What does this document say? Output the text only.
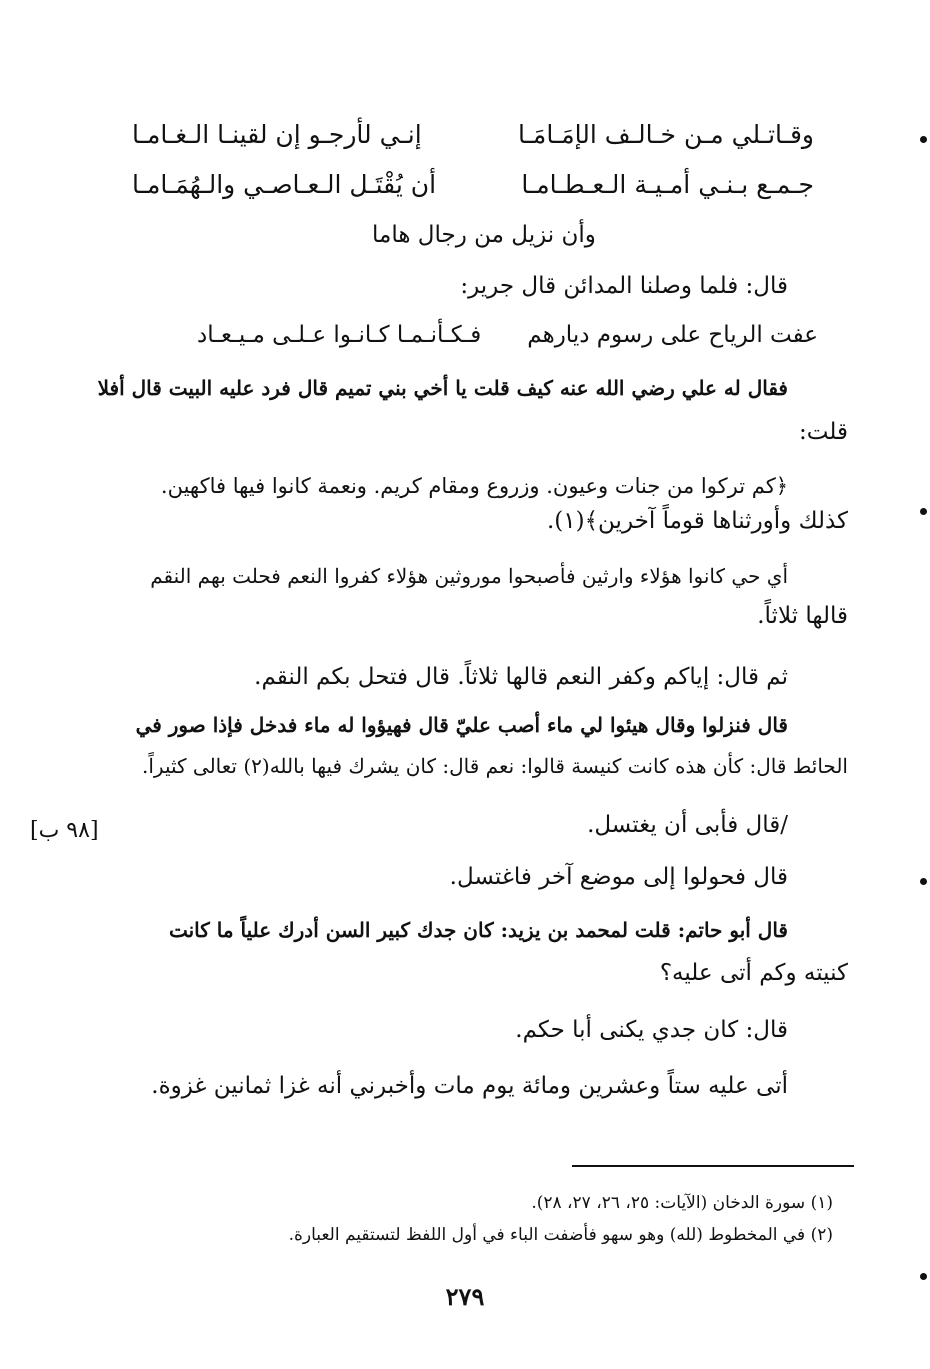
وقـاتـلي مـن خـالـف الإمَـامَـا
إنـي لأرجـو إن لقينـا الـغـامـا
جـمـع بـنـي أمـيـة الـعـطـامـا
أن يُقْتَـل الـعـاصـي والـهُمَـامـا
وأن نزيل من رجال هاما
قال: فلما وصلنا المدائن قال جرير:
عفت الرياح على رسوم ديارهم
فـكـأنـمـا كـانـوا عـلـى مـيـعـاد
فقال له علي رضي الله عنه كيف قلت يا أخي بني تميم قال فرد عليه البيت قال أفلا
قلت:
﴿كم تركوا من جنات وعيون. وزروع ومقام كريم. ونعمة كانوا فيها فاكهين.
كذلك وأورثناها قوماً آخرين﴾(١).
أي حي كانوا هؤلاء وارثين فأصبحوا موروثين هؤلاء كفروا النعم فحلت بهم النقم
قالها ثلاثاً.
ثم قال: إياكم وكفر النعم قالها ثلاثاً. قال فتحل بكم النقم.
قال فنزلوا وقال هيئوا لي ماء أصب عليّ قال فهيؤوا له ماء فدخل فإذا صور في
الحائط قال: كأن هذه كانت كنيسة قالوا: نعم قال: كان يشرك فيها بالله(٢) تعالى كثيراً.
/قال فأبى أن يغتسل.
[٩٨ ب]
قال فحولوا إلى موضع آخر فاغتسل.
قال أبو حاتم: قلت لمحمد بن يزيد: كان جدك كبير السن أدرك علياً ما كانت
كنيته وكم أتى عليه؟
قال: كان جدي يكنى أبا حكم.
أتى عليه ستاً وعشرين ومائة يوم مات وأخبرني أنه غزا ثمانين غزوة.
(١) سورة الدخان (الآيات: ٢٥، ٢٦، ٢٧، ٢٨).
(٢) في المخطوط (لله) وهو سهو فأضفت الباء في أول اللفظ لتستقيم العبارة.
٢٧٩
